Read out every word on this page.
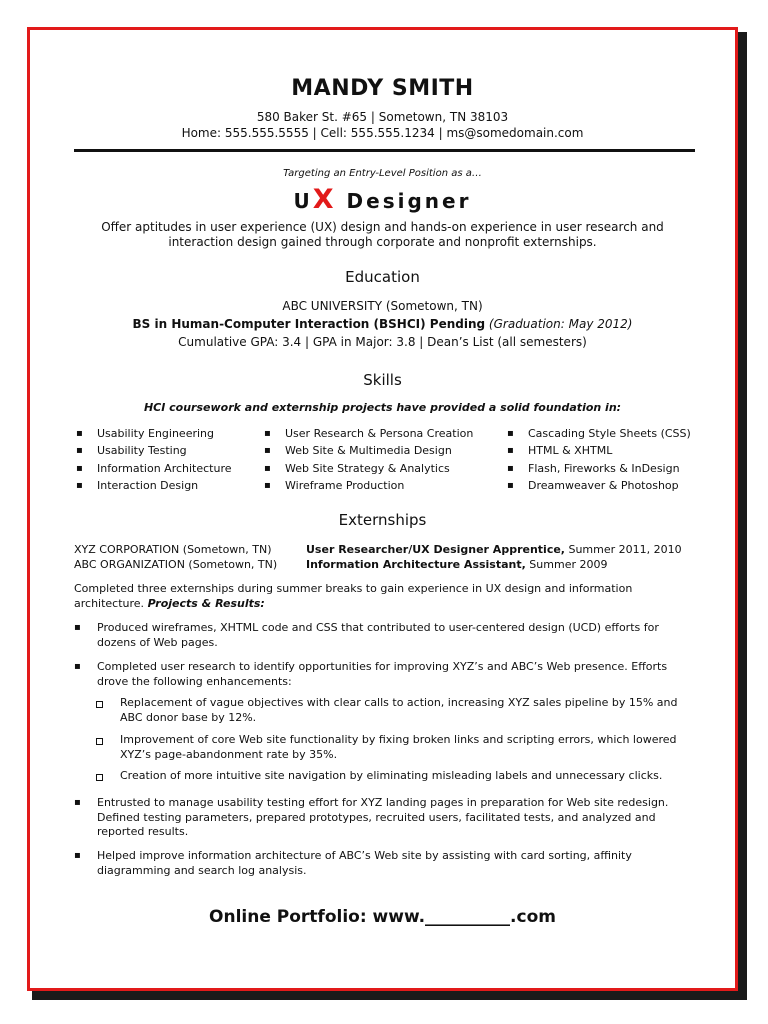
MANDY SMITH
580 Baker St. #65 | Sometown, TN 38103
Home: 555.555.5555 | Cell: 555.555.1234 | ms@somedomain.com
Targeting an Entry-Level Position as a…
UX Designer
Offer aptitudes in user experience (UX) design and hands-on experience in user research and interaction design gained through corporate and nonprofit externships.
Education
ABC UNIVERSITY (Sometown, TN)
BS in Human-Computer Interaction (BSHCI) Pending (Graduation: May 2012)
Cumulative GPA: 3.4 | GPA in Major: 3.8 | Dean’s List (all semesters)
Skills
HCI coursework and externship projects have provided a solid foundation in:
▪ Usability Engineering
▪ Usability Testing
▪ Information Architecture
▪ Interaction Design
▪ User Research & Persona Creation
▪ Web Site & Multimedia Design
▪ Web Site Strategy & Analytics
▪ Wireframe Production
▪ Cascading Style Sheets (CSS)
▪ HTML & XHTML
▪ Flash, Fireworks & InDesign
▪ Dreamweaver & Photoshop
Externships
XYZ CORPORATION (Sometown, TN)	User Researcher/UX Designer Apprentice, Summer 2011, 2010
ABC ORGANIZATION (Sometown, TN)	Information Architecture Assistant, Summer 2009
Completed three externships during summer breaks to gain experience in UX design and information architecture. Projects & Results:
▪ Produced wireframes, XHTML code and CSS that contributed to user-centered design (UCD) efforts for dozens of Web pages.
▪ Completed user research to identify opportunities for improving XYZ’s and ABC’s Web presence. Efforts drove the following enhancements:
Replacement of vague objectives with clear calls to action, increasing XYZ sales pipeline by 15% and ABC donor base by 12%.
Improvement of core Web site functionality by fixing broken links and scripting errors, which lowered XYZ’s page-abandonment rate by 35%.
Creation of more intuitive site navigation by eliminating misleading labels and unnecessary clicks.
▪ Entrusted to manage usability testing effort for XYZ landing pages in preparation for Web site redesign. Defined testing parameters, prepared prototypes, recruited users, facilitated tests, and analyzed and reported results.
▪ Helped improve information architecture of ABC’s Web site by assisting with card sorting, affinity diagramming and search log analysis.
Online Portfolio: www.__________.com
